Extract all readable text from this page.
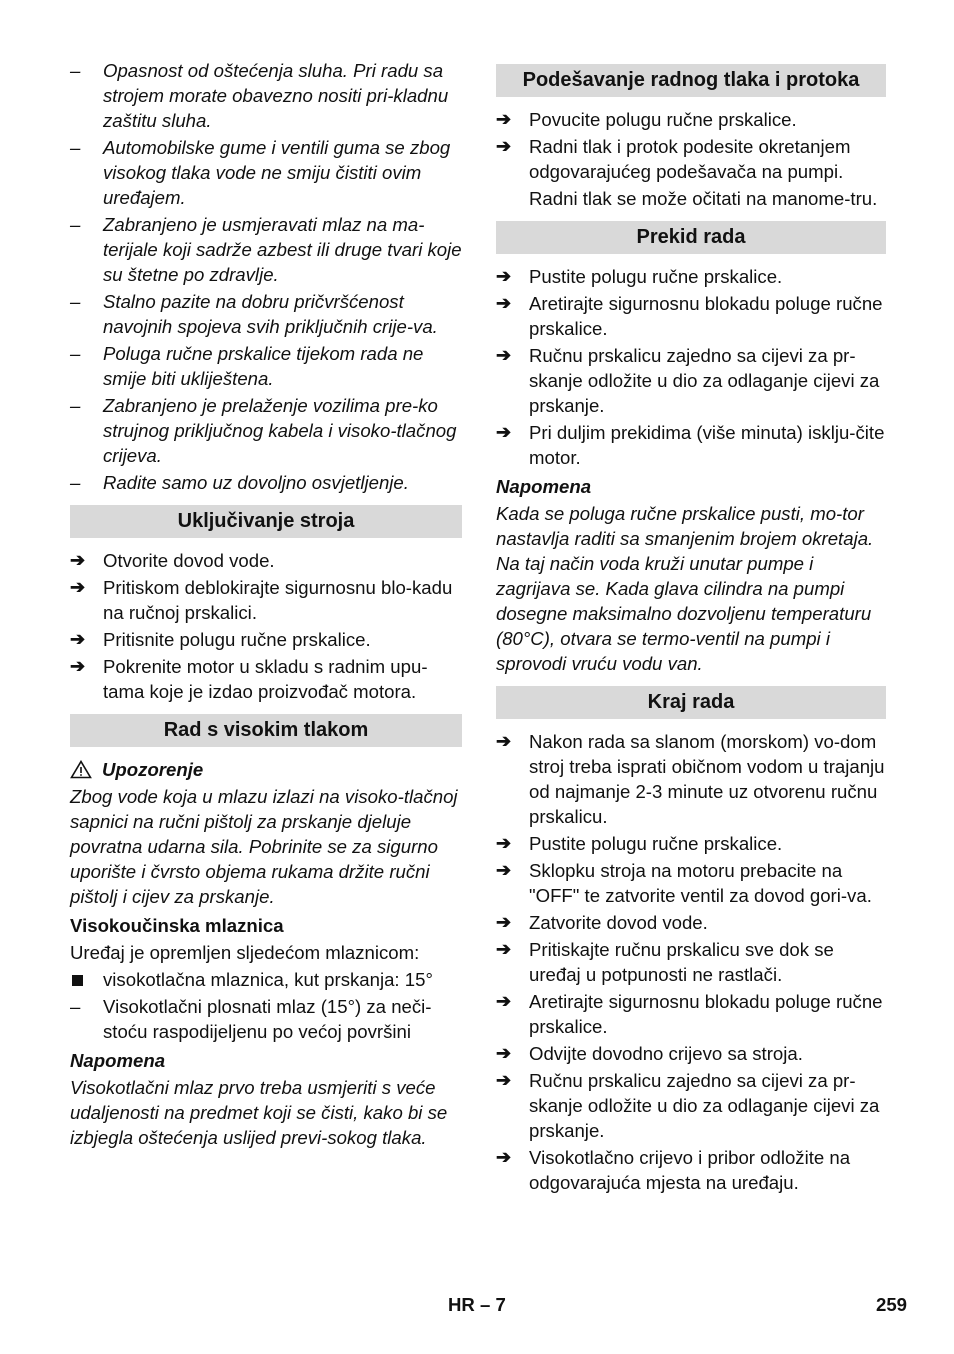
–	Opasnost od oštećenja sluha. Pri radu sa strojem morate obavezno nositi pri-kladnu zaštitu sluha.
–	Automobilske gume i ventili guma se zbog visokog tlaka vode ne smiju čistiti ovim uređajem.
–	Zabranjeno je usmjeravati mlaz na ma-terijale koji sadrže azbest ili druge tvari koje su štetne po zdravlje.
–	Stalno pazite na dobru pričvršćenost navojnih spojeva svih priključnih crije-va.
–	Poluga ručne prskalice tijekom rada ne smije biti ukliještena.
–	Zabranjeno je prelaženje vozilima pre-ko strujnog priključnog kabela i visoko-tlačnog crijeva.
–	Radite samo uz dovoljno osvjetljenje.
Uključivanje stroja
➔ Otvorite dovod vode.
➔ Pritiskom deblokirajte sigurnosnu blo-kadu na ručnoj prskalici.
➔ Pritisnite polugu ručne prskalice.
➔ Pokrenite motor u skladu s radnim upu-tama koje je izdao proizvođač motora.
Rad s visokim tlakom
Upozorenje

Zbog vode koja u mlazu izlazi na visoko-tlačnoj sapnici na ručni pištolj za prskanje djeluje povratna udarna sila. Pobrinite se za sigurno uporište i čvrsto objema rukama držite ručni pištolj i cijev za prskanje.

Visokoučinska mlaznica

Uređaj je opremljen sljedećom mlaznicom:

visokotlačna mlaznica, kut prskanja: 15°
–	Visokotlačni plosnati mlaz (15°) za neči-stoću raspodijeljenu po većoj površini
Napomena

Visokotlačni mlaz prvo treba usmjeriti s veće udaljenosti na predmet koji se čisti, kako bi se izbjegla oštećenja uslijed previ-sokog tlaka.

Podešavanje radnog tlaka i protoka
➔ Povucite polugu ručne prskalice.
➔ Radni tlak i protok podesite okretanjem odgovarajućeg podešavača na pumpi.

Radni tlak se može očitati na manome-tru.

Prekid rada
➔ Pustite polugu ručne prskalice.
➔ Aretirajte sigurnosnu blokadu poluge ručne prskalice.
➔ Ručnu prskalicu zajedno sa cijevi za pr-skanje odložite u dio za odlaganje cijevi za prskanje.
➔ Pri duljim prekidima (više minuta) isklju-čite motor.
Napomena

Kada se poluga ručne prskalice pusti, mo-tor nastavlja raditi sa smanjenim brojem okretaja. Na taj način voda kruži unutar pumpe i zagrijava se. Kada glava cilindra na pumpi dosegne maksimalno dozvoljenu temperaturu (80°C), otvara se termo-ventil na pumpi i sprovodi vruću vodu van.

Kraj rada
➔ Nakon rada sa slanom (morskom) vo-dom stroj treba isprati običnom vodom u trajanju od najmanje 2-3 minute uz otvorenu ručnu prskalicu.
➔ Pustite polugu ručne prskalice.
➔ Sklopku stroja na motoru prebacite na "OFF" te zatvorite ventil za dovod gori-va.
➔ Zatvorite dovod vode.
➔ Pritiskajte ručnu prskalicu sve dok se uređaj u potpunosti ne rastlači.
➔ Aretirajte sigurnosnu blokadu poluge ručne prskalice.
➔ Odvijte dovodno crijevo sa stroja.
➔ Ručnu prskalicu zajedno sa cijevi za pr-skanje odložite u dio za odlaganje cijevi za prskanje.
➔ Visokotlačno crijevo i pribor odložite na odgovarajuća mjesta na uređaju.
HR – 7	259
